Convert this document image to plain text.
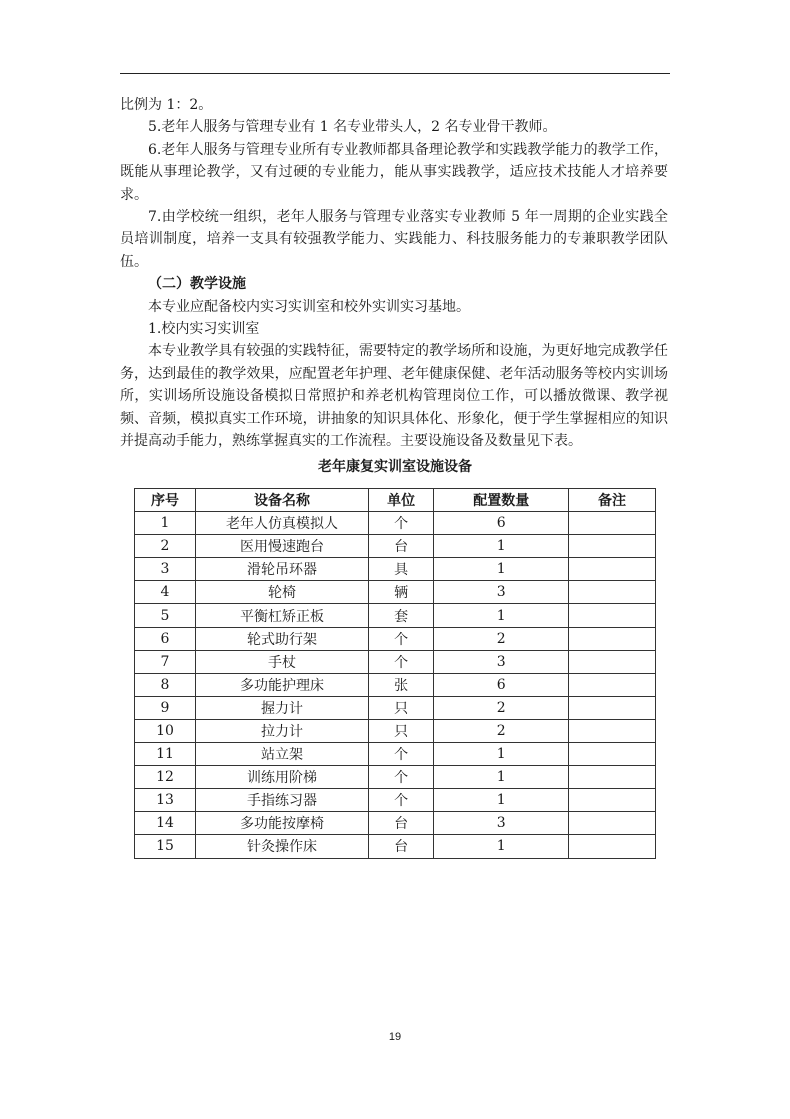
比例为 1：2。

5.老年人服务与管理专业有 1 名专业带头人，2 名专业骨干教师。

6.老年人服务与管理专业所有专业教师都具备理论教学和实践教学能力的教学工作，既能从事理论教学，又有过硬的专业能力，能从事实践教学，适应技术技能人才培养要求。

7.由学校统一组织，老年人服务与管理专业落实专业教师 5 年一周期的企业实践全员培训制度，培养一支具有较强教学能力、实践能力、科技服务能力的专兼职教学团队伍。

（二）教学设施

本专业应配备校内实习实训室和校外实训实习基地。

1.校内实习实训室

本专业教学具有较强的实践特征，需要特定的教学场所和设施，为更好地完成教学任务，达到最佳的教学效果，应配置老年护理、老年健康保健、老年活动服务等校内实训场所，实训场所设施设备模拟日常照护和养老机构管理岗位工作，可以播放微课、教学视频、音频，模拟真实工作环境，讲抽象的知识具体化、形象化，便于学生掌握相应的知识并提高动手能力，熟练掌握真实的工作流程。主要设施设备及数量见下表。

老年康复实训室设施设备
序号	设备名称	单位	配置数量	备注
1	老年人仿真模拟人	个	6	
2	医用慢速跑台	台	1	
3	滑轮吊环器	具	1	
4	轮椅	辆	3	
5	平衡杠矫正板	套	1	
6	轮式助行架	个	2	
7	手杖	个	3	
8	多功能护理床	张	6	
9	握力计	只	2	
10	拉力计	只	2	
11	站立架	个	1	
12	训练用阶梯	个	1	
13	手指练习器	个	1	
14	多功能按摩椅	台	3	
15	针灸操作床	台	1	
19
